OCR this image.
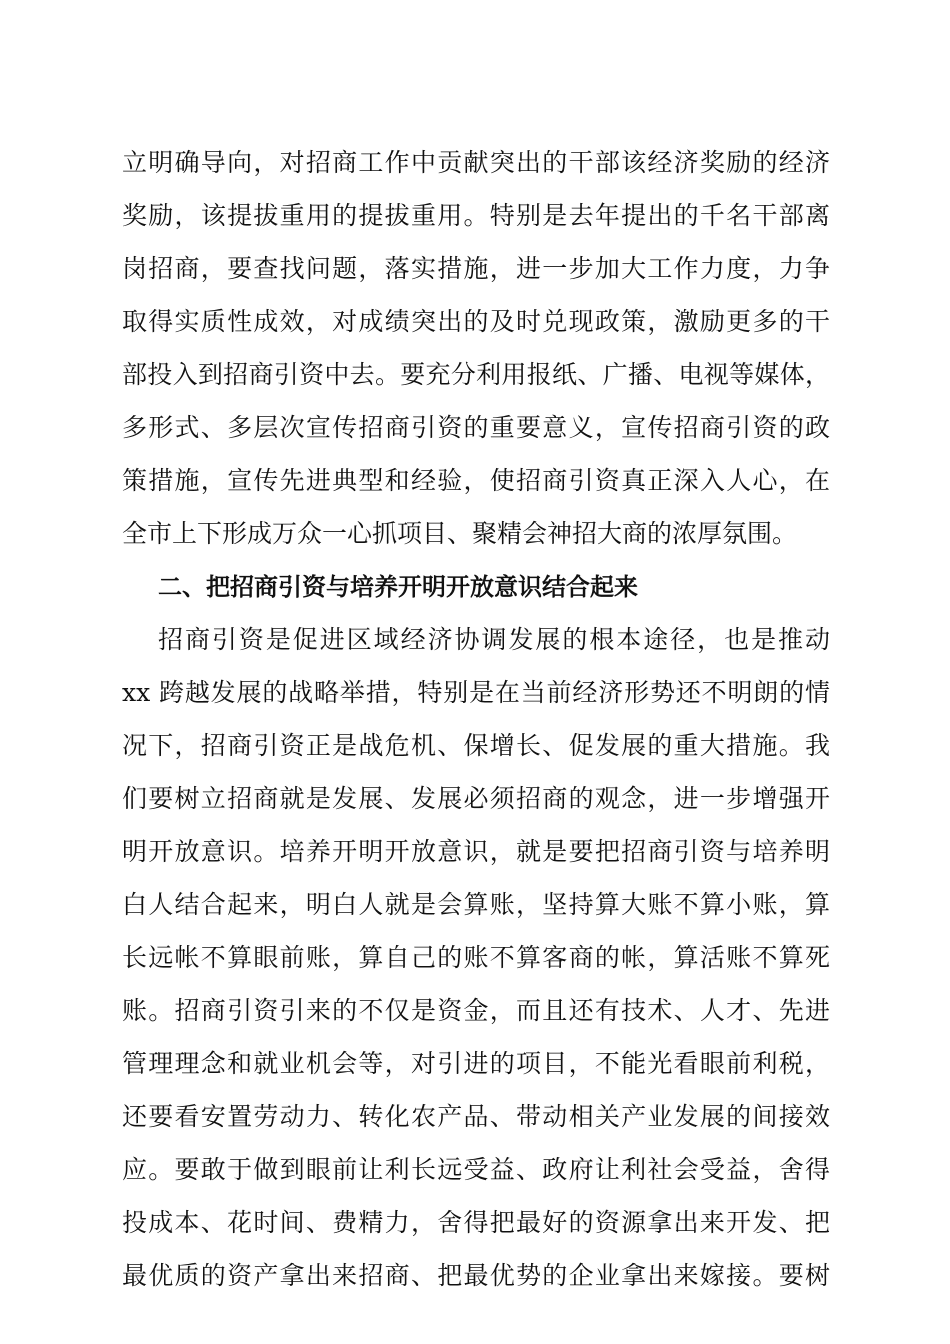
立明确导向，对招商工作中贡献突出的干部该经济奖励的经济
奖励，该提拔重用的提拔重用。特别是去年提出的千名干部离
岗招商，要查找问题，落实措施，进一步加大工作力度，力争
取得实质性成效，对成绩突出的及时兑现政策，激励更多的干
部投入到招商引资中去。要充分利用报纸、广播、电视等媒体，
多形式、多层次宣传招商引资的重要意义，宣传招商引资的政
策措施，宣传先进典型和经验，使招商引资真正深入人心，在
全市上下形成万众一心抓项目、聚精会神招大商的浓厚氛围。
二、把招商引资与培养开明开放意识结合起来
招商引资是促进区域经济协调发展的根本途径，也是推动
xx 跨越发展的战略举措，特别是在当前经济形势还不明朗的情
况下，招商引资正是战危机、保增长、促发展的重大措施。我
们要树立招商就是发展、发展必须招商的观念，进一步增强开
明开放意识。培养开明开放意识，就是要把招商引资与培养明
白人结合起来，明白人就是会算账，坚持算大账不算小账，算
长远帐不算眼前账，算自己的账不算客商的帐，算活账不算死
账。招商引资引来的不仅是资金，而且还有技术、人才、先进
管理理念和就业机会等，对引进的项目，不能光看眼前利税，
还要看安置劳动力、转化农产品、带动相关产业发展的间接效
应。要敢于做到眼前让利长远受益、政府让利社会受益，舍得
投成本、花时间、费精力，舍得把最好的资源拿出来开发、把
最优质的资产拿出来招商、把最优势的企业拿出来嫁接。要树
